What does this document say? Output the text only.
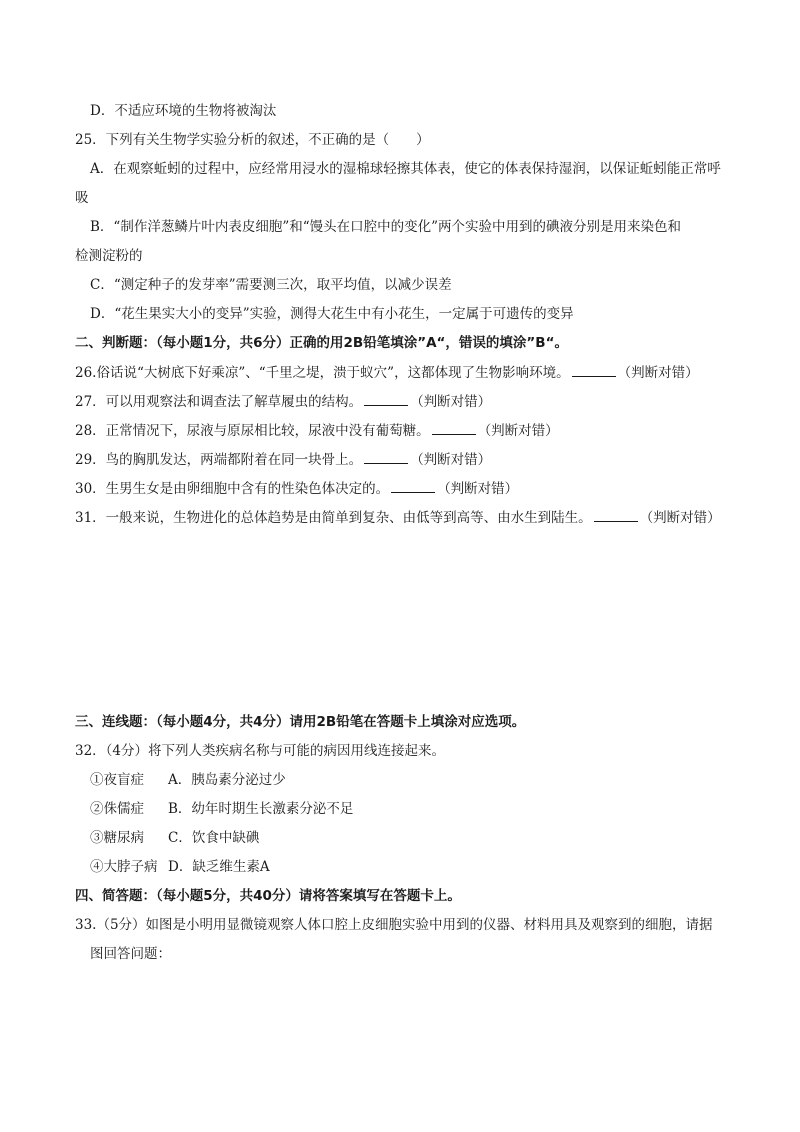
D．不适应环境的生物将被淘汰
25．下列有关生物学实验分析的叙述，不正确的是（　　）
A．在观察蚯蚓的过程中，应经常用浸水的湿棉球轻擦其体表，使它的体表保持湿润，以保证蚯蚓能正常呼
吸
B．“制作洋葱鳞片叶内表皮细胞”和“馒头在口腔中的变化”两个实验中用到的碘液分别是用来染色和
检测淀粉的
C．“测定种子的发芽率”需要测三次，取平均值，以减少误差
D．“花生果实大小的变异”实验，测得大花生中有小花生，一定属于可遗传的变异
二、判断题：（每小题1分，共6分）正确的用2B铅笔填涂”A“，错误的填涂”B“。
26.俗话说“大树底下好乘凉”、“千里之堤，溃于蚁穴”，这都体现了生物影响环境。	（判断对错）
27．可以用观察法和调查法了解草履虫的结构。	（判断对错）
28．正常情况下，尿液与原尿相比较，尿液中没有葡萄糖。	（判断对错）
29．鸟的胸肌发达，两端都附着在同一块骨上。	（判断对错）
30．生男生女是由卵细胞中含有的性染色体决定的。	（判断对错）
31．一般来说，生物进化的总体趋势是由简单到复杂、由低等到高等、由水生到陆生。	（判断对错）
三、连线题：（每小题4分，共4分）请用2B铅笔在答题卡上填涂对应选项。
32．（4分）将下列人类疾病名称与可能的病因用线连接起来。
①夜盲症 A．胰岛素分泌过少
②侏儒症 B．幼年时期生长激素分泌不足
③糖尿病 C．饮食中缺碘
④大脖子病 D．缺乏维生素A
四、简答题：（每小题5分，共40分）请将答案填写在答题卡上。
33.（5分）如图是小明用显微镜观察人体口腔上皮细胞实验中用到的仪器、材料用具及观察到的细胞，请据
图回答问题：
